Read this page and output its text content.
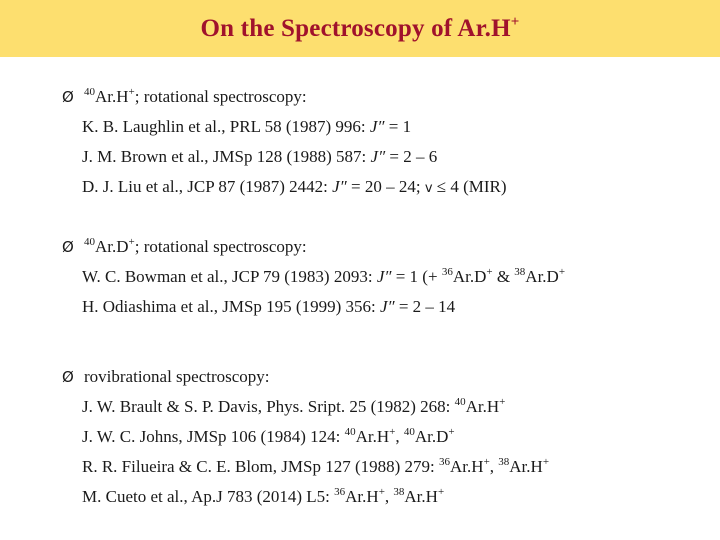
On the Spectroscopy of Ar.H+
Ø $^{40}$Ar.H+; rotational spectroscopy:
K. B. Laughlin et al., PRL 58 (1987) 996: J″ = 1
J. M. Brown et al., JMSp 128 (1988) 587: J″ = 2 – 6
D. J. Liu et al., JCP 87 (1987) 2442: J″ = 20 – 24; v ≤ 4 (MIR)
Ø $^{40}$Ar.D+; rotational spectroscopy:
W. C. Bowman et al., JCP 79 (1983) 2093: J″ = 1 (+ $^{36}$Ar.D+ & $^{38}$Ar.D+
H. Odiashima et al., JMSp 195 (1999) 356: J″ = 2 – 14
Ø rovibrational spectroscopy:
J. W. Brault & S. P. Davis, Phys. Sript. 25 (1982) 268: $^{40}$Ar.H+
J. W. C. Johns, JMSp 106 (1984) 124: $^{40}$Ar.H+, $^{40}$Ar.D+
R. R. Filueira & C. E. Blom, JMSp 127 (1988) 279: $^{36}$Ar.H+, $^{38}$Ar.H+
M. Cueto et al., Ap.J 783 (2014) L5: $^{36}$Ar.H+, $^{38}$Ar.H+
